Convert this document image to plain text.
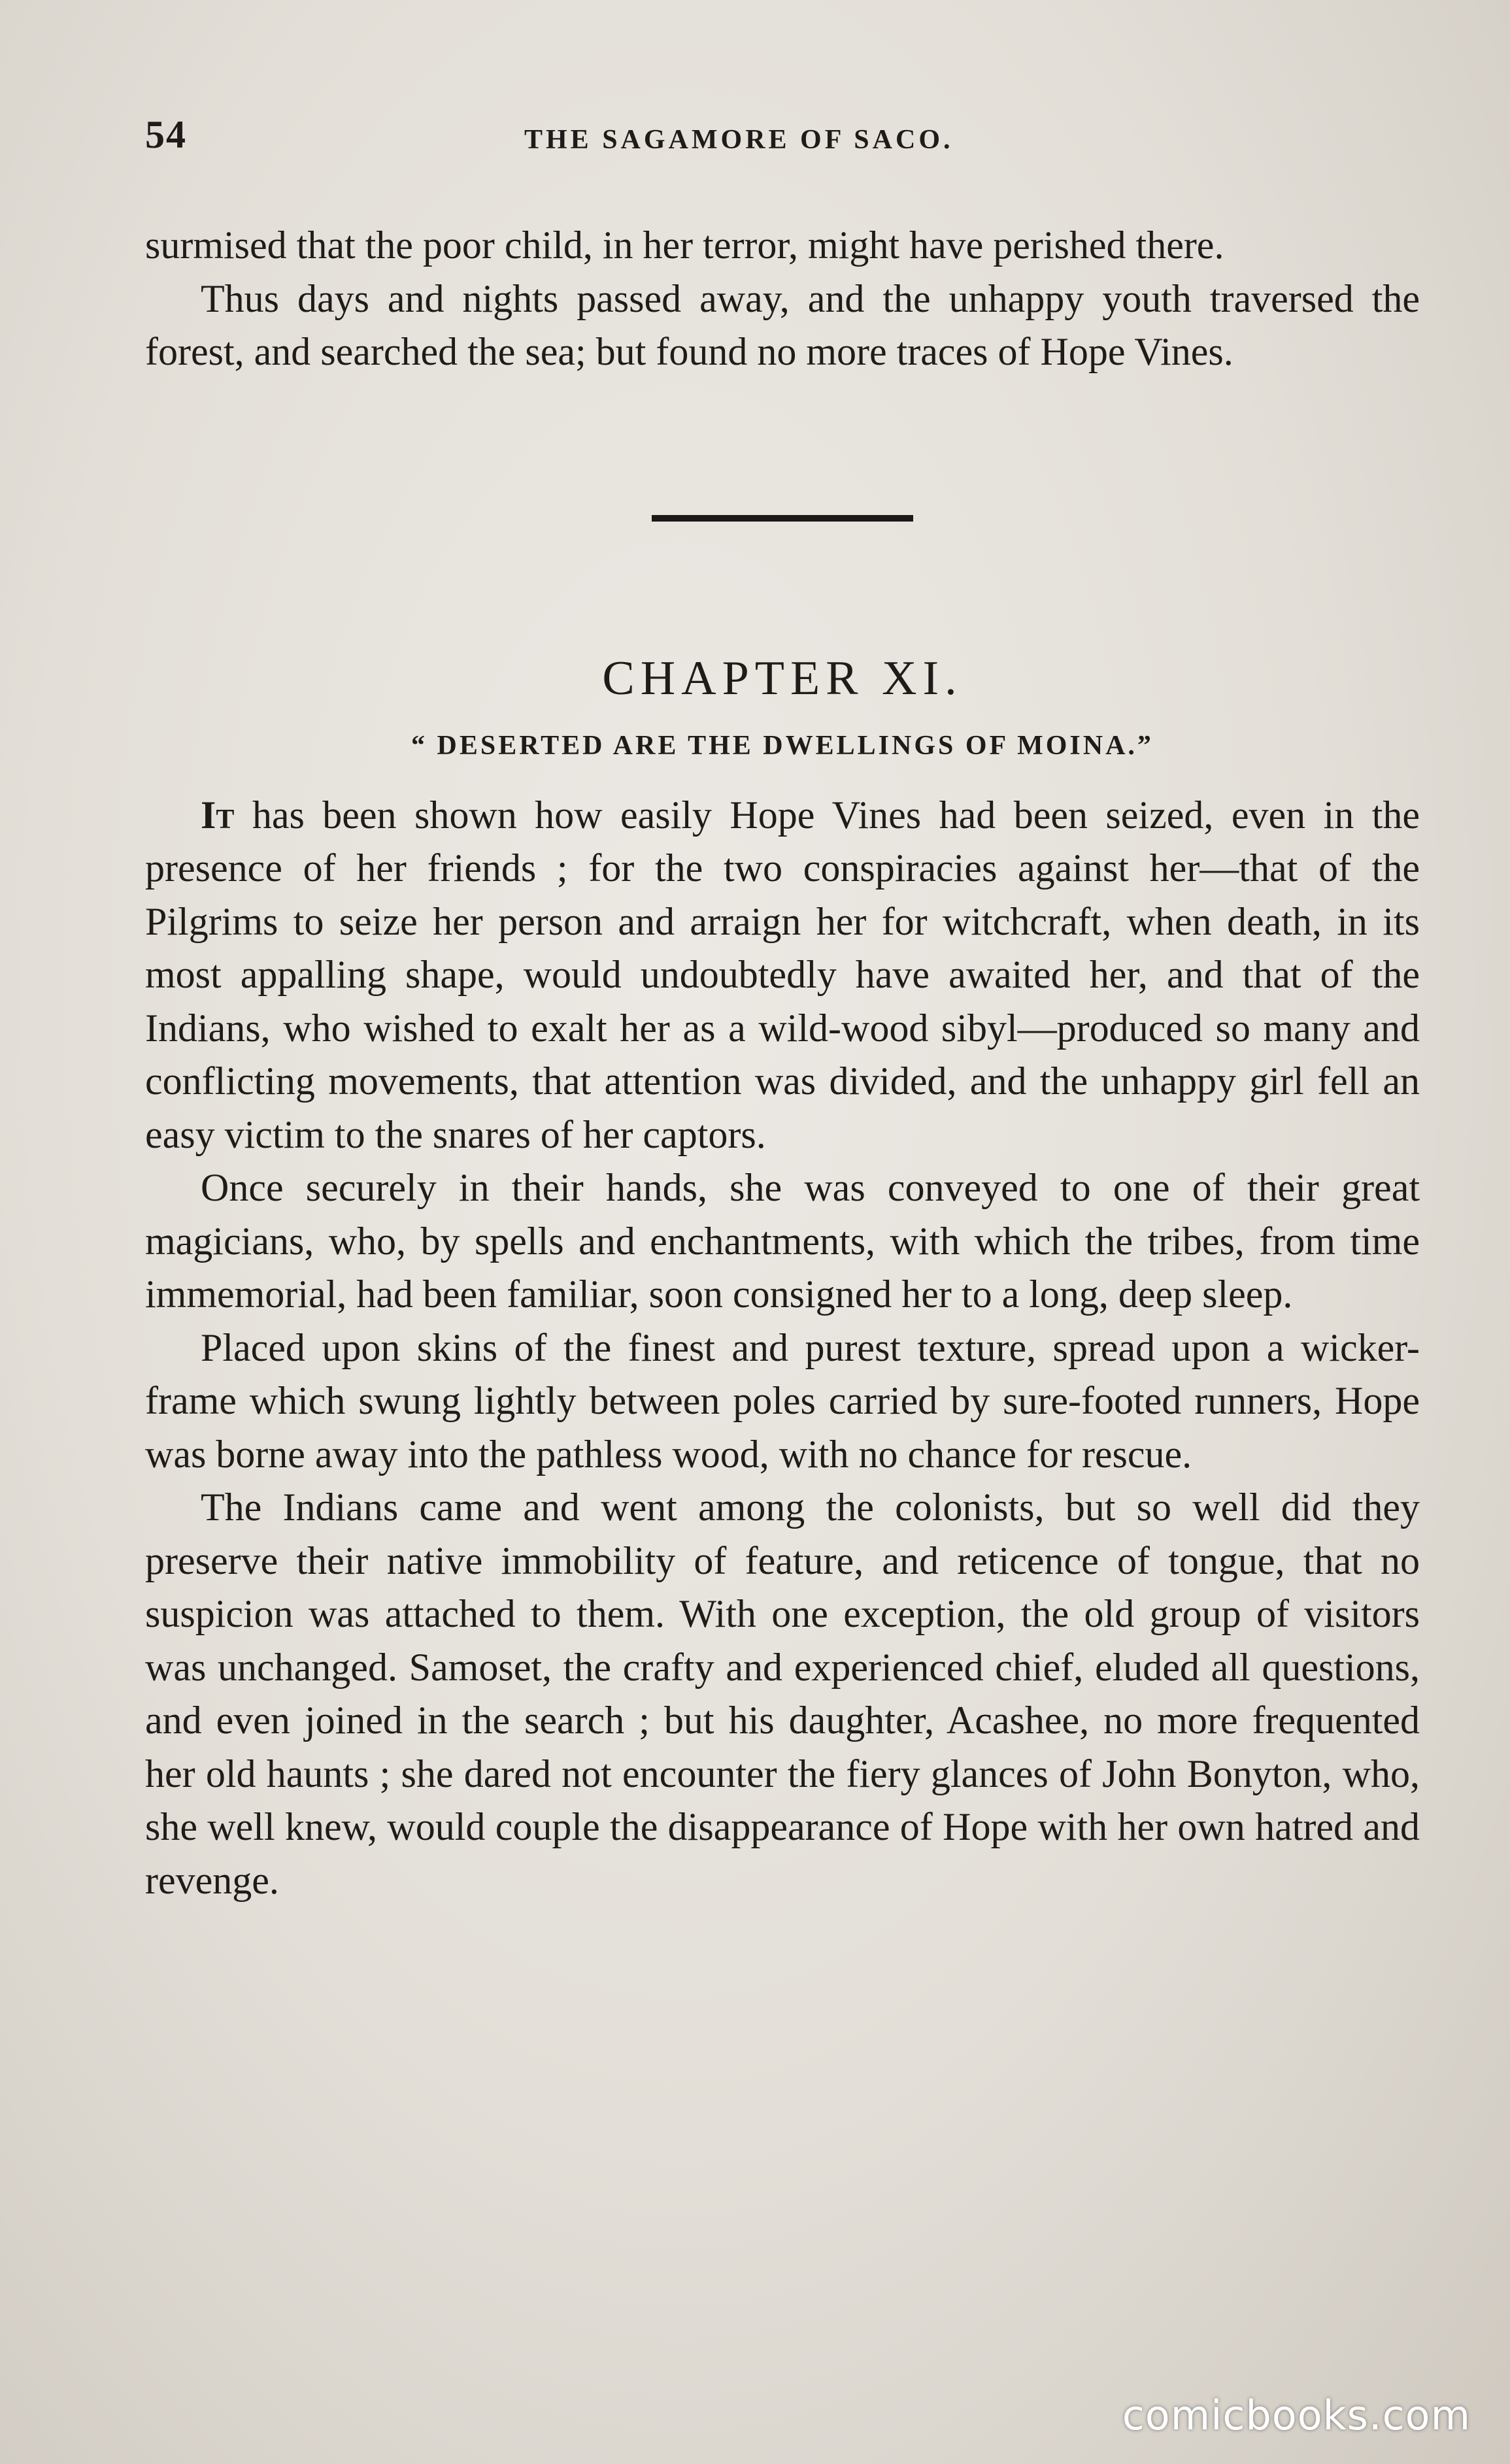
54	THE SAGAMORE OF SACO.

surmised that the poor child, in her terror, might have perished there.

Thus days and nights passed away, and the unhappy youth traversed the forest, and searched the sea; but found no more traces of Hope Vines.

CHAPTER XI.
“ DESERTED ARE THE DWELLINGS OF MOINA.”

It has been shown how easily Hope Vines had been seized, even in the presence of her friends ; for the two conspiracies against her—that of the Pilgrims to seize her person and arraign her for witchcraft, when death, in its most appalling shape, would undoubtedly have awaited her, and that of the Indians, who wished to exalt her as a wild-wood sibyl—produced so many and conflicting movements, that attention was divided, and the unhappy girl fell an easy victim to the snares of her captors.

Once securely in their hands, she was conveyed to one of their great magicians, who, by spells and enchantments, with which the tribes, from time immemorial, had been familiar, soon consigned her to a long, deep sleep.

Placed upon skins of the finest and purest texture, spread upon a wicker-frame which swung lightly between poles carried by sure-footed runners, Hope was borne away into the pathless wood, with no chance for rescue.

The Indians came and went among the colonists, but so well did they preserve their native immobility of feature, and reticence of tongue, that no suspicion was attached to them. With one exception, the old group of visitors was unchanged. Samoset, the crafty and experienced chief, eluded all questions, and even joined in the search ; but his daughter, Acashee, no more frequented her old haunts ; she dared not encounter the fiery glances of John Bonyton, who, she well knew, would couple the disappearance of Hope with her own hatred and revenge.

comicbooks.com
